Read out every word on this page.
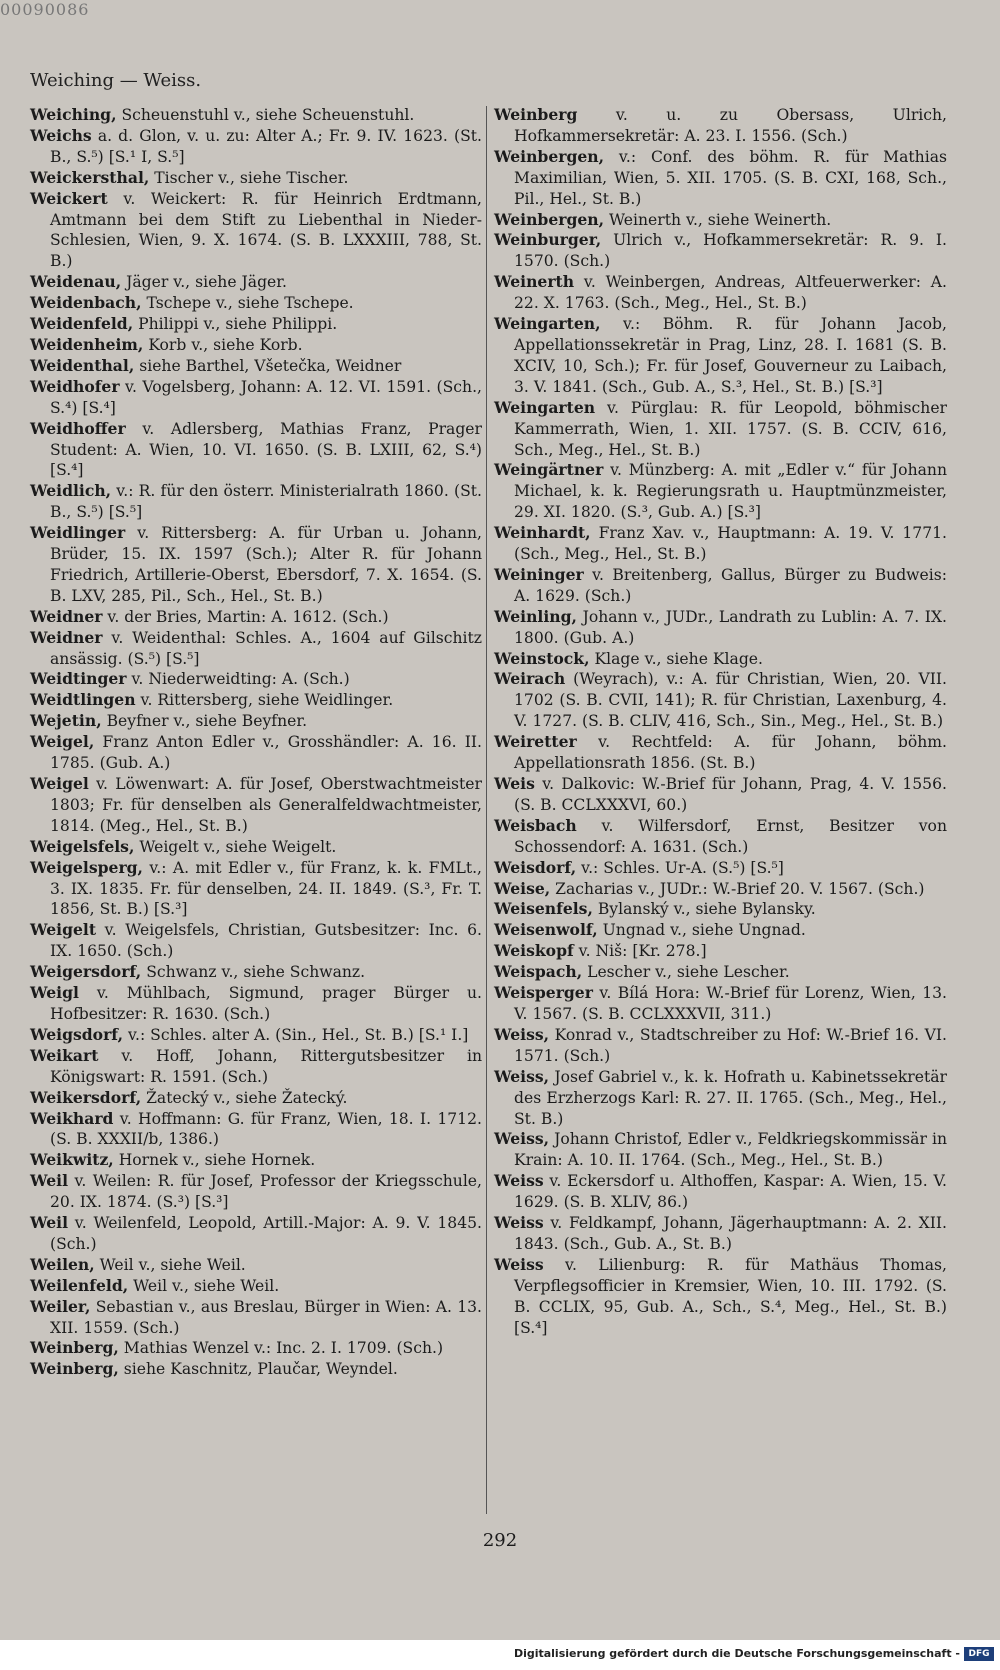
00090086
Weiching — Weiss.

Weiching, Scheuenstuhl v., siehe Scheuenstuhl.

Weichs a. d. Glon, v. u. zu: Alter A.; Fr. 9. IV. 1623. (St. B., S.⁵) [S.¹ I, S.⁵]

Weickersthal, Tischer v., siehe Tischer.

Weickert v. Weickert: R. für Heinrich Erdtmann, Amtmann bei dem Stift zu Liebenthal in Nieder-Schlesien, Wien, 9. X. 1674. (S. B. LXXXIII, 788, St. B.)

Weidenau, Jäger v., siehe Jäger.

Weidenbach, Tschepe v., siehe Tschepe.

Weidenfeld, Philippi v., siehe Philippi.

Weidenheim, Korb v., siehe Korb.

Weidenthal, siehe Barthel, Všetečka, Weidner

Weidhofer v. Vogelsberg, Johann: A. 12. VI. 1591. (Sch., S.⁴) [S.⁴]

Weidhoffer v. Adlersberg, Mathias Franz, Prager Student: A. Wien, 10. VI. 1650. (S. B. LXIII, 62, S.⁴) [S.⁴]

Weidlich, v.: R. für den österr. Ministerialrath 1860. (St. B., S.⁵) [S.⁵]

Weidlinger v. Rittersberg: A. für Urban u. Johann, Brüder, 15. IX. 1597 (Sch.); Alter R. für Johann Friedrich, Artillerie-Oberst, Ebersdorf, 7. X. 1654. (S. B. LXV, 285, Pil., Sch., Hel., St. B.)

Weidner v. der Bries, Martin: A. 1612. (Sch.)

Weidner v. Weidenthal: Schles. A., 1604 auf Gilschitz ansässig. (S.⁵) [S.⁵]

Weidtinger v. Niederweidting: A. (Sch.)

Weidtlingen v. Rittersberg, siehe Weidlinger.

Wejetin, Beyfner v., siehe Beyfner.

Weigel, Franz Anton Edler v., Grosshändler: A. 16. II. 1785. (Gub. A.)

Weigel v. Löwenwart: A. für Josef, Oberstwachtmeister 1803; Fr. für denselben als Generalfeldwachtmeister, 1814. (Meg., Hel., St. B.)

Weigelsfels, Weigelt v., siehe Weigelt.

Weigelsperg, v.: A. mit Edler v., für Franz, k. k. FMLt., 3. IX. 1835. Fr. für denselben, 24. II. 1849. (S.³, Fr. T. 1856, St. B.) [S.³]

Weigelt v. Weigelsfels, Christian, Gutsbesitzer: Inc. 6. IX. 1650. (Sch.)

Weigersdorf, Schwanz v., siehe Schwanz.

Weigl v. Mühlbach, Sigmund, prager Bürger u. Hofbesitzer: R. 1630. (Sch.)

Weigsdorf, v.: Schles. alter A. (Sin., Hel., St. B.) [S.¹ I.]

Weikart v. Hoff, Johann, Rittergutsbesitzer in Königswart: R. 1591. (Sch.)

Weikersdorf, Žatecký v., siehe Žatecký.

Weikhard v. Hoffmann: G. für Franz, Wien, 18. I. 1712. (S. B. XXXII/b, 1386.)

Weikwitz, Hornek v., siehe Hornek.

Weil v. Weilen: R. für Josef, Professor der Kriegsschule, 20. IX. 1874. (S.³) [S.³]

Weil v. Weilenfeld, Leopold, Artill.-Major: A. 9. V. 1845. (Sch.)

Weilen, Weil v., siehe Weil.

Weilenfeld, Weil v., siehe Weil.

Weiler, Sebastian v., aus Breslau, Bürger in Wien: A. 13. XII. 1559. (Sch.)

Weinberg, Mathias Wenzel v.: Inc. 2. I. 1709. (Sch.)

Weinberg, siehe Kaschnitz, Plaučar, Weyndel.

Weinberg v. u. zu Obersass, Ulrich, Hofkammersekretär: A. 23. I. 1556. (Sch.)

Weinbergen, v.: Conf. des böhm. R. für Mathias Maximilian, Wien, 5. XII. 1705. (S. B. CXI, 168, Sch., Pil., Hel., St. B.)

Weinbergen, Weinerth v., siehe Weinerth.

Weinburger, Ulrich v., Hofkammersekretär: R. 9. I. 1570. (Sch.)

Weinerth v. Weinbergen, Andreas, Altfeuerwerker: A. 22. X. 1763. (Sch., Meg., Hel., St. B.)

Weingarten, v.: Böhm. R. für Johann Jacob, Appellationssekretär in Prag, Linz, 28. I. 1681 (S. B. XCIV, 10, Sch.); Fr. für Josef, Gouverneur zu Laibach, 3. V. 1841. (Sch., Gub. A., S.³, Hel., St. B.) [S.³]

Weingarten v. Pürglau: R. für Leopold, böhmischer Kammerrath, Wien, 1. XII. 1757. (S. B. CCIV, 616, Sch., Meg., Hel., St. B.)

Weingärtner v. Münzberg: A. mit „Edler v.“ für Johann Michael, k. k. Regierungsrath u. Hauptmünzmeister, 29. XI. 1820. (S.³, Gub. A.) [S.³]

Weinhardt, Franz Xav. v., Hauptmann: A. 19. V. 1771. (Sch., Meg., Hel., St. B.)

Weininger v. Breitenberg, Gallus, Bürger zu Budweis: A. 1629. (Sch.)

Weinling, Johann v., JUDr., Landrath zu Lublin: A. 7. IX. 1800. (Gub. A.)

Weinstock, Klage v., siehe Klage.

Weirach (Weyrach), v.: A. für Christian, Wien, 20. VII. 1702 (S. B. CVII, 141); R. für Christian, Laxenburg, 4. V. 1727. (S. B. CLIV, 416, Sch., Sin., Meg., Hel., St. B.)

Weiretter v. Rechtfeld: A. für Johann, böhm. Appellationsrath 1856. (St. B.)

Weis v. Dalkovic: W.-Brief für Johann, Prag, 4. V. 1556. (S. B. CCLXXXVI, 60.)

Weisbach v. Wilfersdorf, Ernst, Besitzer von Schossendorf: A. 1631. (Sch.)

Weisdorf, v.: Schles. Ur-A. (S.⁵) [S.⁵]

Weise, Zacharias v., JUDr.: W.-Brief 20. V. 1567. (Sch.)

Weisenfels, Bylanský v., siehe Bylansky.

Weisenwolf, Ungnad v., siehe Ungnad.

Weiskopf v. Niš: [Kr. 278.]

Weispach, Lescher v., siehe Lescher.

Weisperger v. Bílá Hora: W.-Brief für Lorenz, Wien, 13. V. 1567. (S. B. CCLXXXVII, 311.)

Weiss, Konrad v., Stadtschreiber zu Hof: W.-Brief 16. VI. 1571. (Sch.)

Weiss, Josef Gabriel v., k. k. Hofrath u. Kabinetssekretär des Erzherzogs Karl: R. 27. II. 1765. (Sch., Meg., Hel., St. B.)

Weiss, Johann Christof, Edler v., Feldkriegskommissär in Krain: A. 10. II. 1764. (Sch., Meg., Hel., St. B.)

Weiss v. Eckersdorf u. Althoffen, Kaspar: A. Wien, 15. V. 1629. (S. B. XLIV, 86.)

Weiss v. Feldkampf, Johann, Jägerhauptmann: A. 2. XII. 1843. (Sch., Gub. A., St. B.)

Weiss v. Lilienburg: R. für Mathäus Thomas, Verpflegsofficier in Kremsier, Wien, 10. III. 1792. (S. B. CCLIX, 95, Gub. A., Sch., S.⁴, Meg., Hel., St. B.) [S.⁴]

292
Digitalisierung gefördert durch die Deutsche Forschungsgemeinschaft - DFG
